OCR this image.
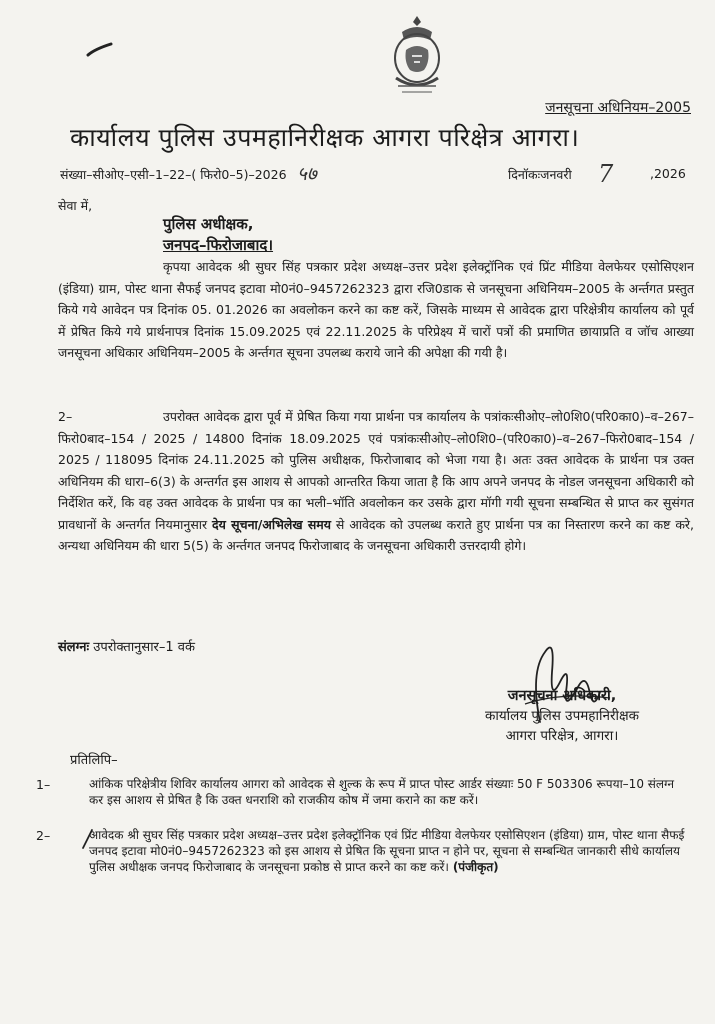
जनसूचना अधिनियम–2005
कार्यालय पुलिस उपमहानिरीक्षक आगरा परिक्षेत्र आगरा।
संख्या–सीओए–एसी–1–22–( फिरो0–5)–2026 ५७	दिनॉकःजनवरी 7	,2026
सेवा में,
पुलिस अधीक्षक,
जनपद–फिरोजाबाद।

कृपया आवेदक श्री सुघर सिंह पत्रकार प्रदेश अध्यक्ष–उत्तर प्रदेश इलेक्ट्रॉनिक एवं प्रिंट मीडिया वेलफेयर एसोसिएशन (इंडिया) ग्राम, पोस्ट थाना सैफई जनपद इटावा मो0नं0–9457262323 द्वारा रजि0डाक से जनसूचना अधिनियम–2005 के अर्न्तगत प्रस्तुत किये गये आवेदन पत्र दिनांक 05. 01.2026 का अवलोकन करने का कष्ट करें, जिसके माध्यम से आवेदक द्वारा परिक्षेत्रीय कार्यालय को पूर्व में प्रेषित किये गये प्रार्थनापत्र दिनांक 15.09.2025 एवं 22.11.2025 के परिप्रेक्ष्य में चारों पत्रों की प्रमाणित छायाप्रति व जॉच आख्या जनसूचना अधिकार अधिनियम–2005 के अर्न्तगत सूचना उपलब्ध कराये जाने की अपेक्षा की गयी है।

2–	उपरोक्त आवेदक द्वारा पूर्व में प्रेषित किया गया प्रार्थना पत्र कार्यालय के पत्रांकःसीओए–लो0शि0(परि0का0)–व–267–फिरो0बाद–154 / 2025 / 14800 दिनांक 18.09.2025 एवं पत्रांकःसीओए–लो0शि0–(परि0का0)–व–267–फिरो0बाद–154 / 2025 / 118095 दिनांक 24.11.2025 को पुलिस अधीक्षक, फिरोजाबाद को भेजा गया है। अतः उक्त आवेदक के प्रार्थना पत्र उक्त अधिनियम की धारा–6(3) के अन्तर्गत इस आशय से आपको आन्तरित किया जाता है कि आप अपने जनपद के नोडल जनसूचना अधिकारी को निर्देशित करें, कि वह उक्त आवेदक के प्रार्थना पत्र का भली–भॉति अवलोकन कर उसके द्वारा मॉगी गयी सूचना सम्बन्धित से प्राप्त कर सुसंगत प्रावधानों के अन्तर्गत नियमानुसार देय सूचना/अभिलेख समय से आवेदक को उपलब्ध कराते हुए प्रार्थना पत्र का निस्तारण करने का कष्ट करे, अन्यथा अधिनियम की धारा 5(5) के अर्न्तगत जनपद फिरोजाबाद के जनसूचना अधिकारी उत्तरदायी होगे।

संलग्नः उपरोक्तानुसार–1 वर्क
जनसूचना अधिकारी,
कार्यालय पुलिस उपमहानिरीक्षक
आगरा परिक्षेत्र, आगरा।
प्रतिलिपि–
1–	आंकिक परिक्षेत्रीय शिविर कार्यालय आगरा को आवेदक से शुल्क के रूप में प्राप्त पोस्ट आर्डर संख्याः 50 F 503306 रूपया–10 संलग्न कर इस आशय से प्रेषित है कि उक्त धनराशि को राजकीय कोष में जमा कराने का कष्ट करें।

2–	आवेदक श्री सुघर सिंह पत्रकार प्रदेश अध्यक्ष–उत्तर प्रदेश इलेक्ट्रॉनिक एवं प्रिंट मीडिया वेलफेयर एसोसिएशन (इंडिया) ग्राम, पोस्ट थाना सैफई जनपद इटावा मो0नं0–9457262323 को इस आशय से प्रेषित कि सूचना प्राप्त न होने पर, सूचना से सम्बन्धित जानकारी सीधे कार्यालय पुलिस अधीक्षक जनपद फिरोजाबाद के जनसूचना प्रकोष्ठ से प्राप्त करने का कष्ट करें। (पंजीकृत)
